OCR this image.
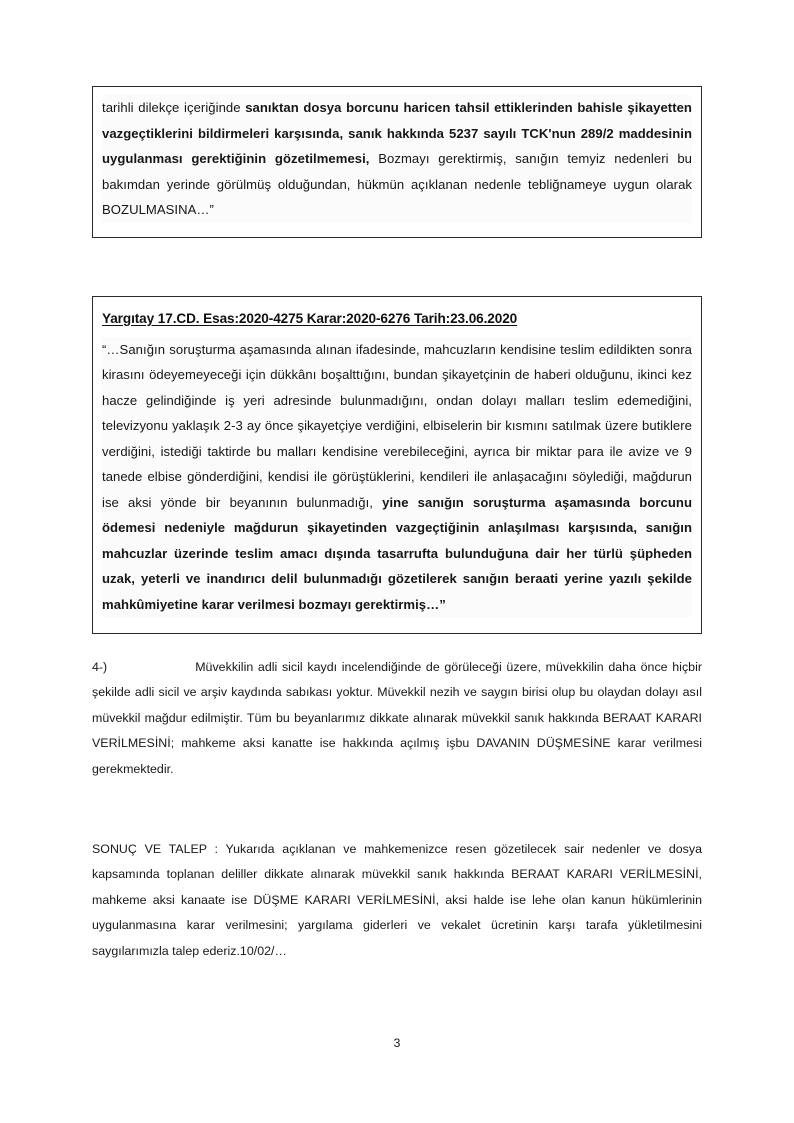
tarihli dilekçe içeriğinde sanıktan dosya borcunu haricen tahsil ettiklerinden bahisle şikayetten vazgeçtiklerini bildirmeleri karşısında, sanık hakkında 5237 sayılı TCK'nun 289/2 maddesinin uygulanması gerektiğinin gözetilmemesi, Bozmayı gerektirmiş, sanığın temyiz nedenleri bu bakımdan yerinde görülmüş olduğundan, hükmün açıklanan nedenle tebliğnameye uygun olarak BOZULMASINA…”

Yargıtay 17.CD. Esas:2020-4275 Karar:2020-6276 Tarih:23.06.2020

“…Sanığın soruşturma aşamasında alınan ifadesinde, mahcuzların kendisine teslim edildikten sonra kirasını ödeyemeyeceği için dükkânı boşalttığını, bundan şikayetçinin de haberi olduğunu, ikinci kez hacze gelindiğinde iş yeri adresinde bulunmadığını, ondan dolayı malları teslim edemediğini, televizyonu yaklaşık 2-3 ay önce şikayetçiye verdiğini, elbiselerin bir kısmını satılmak üzere butiklere verdiğini, istediği taktirde bu malları kendisine verebileceğini, ayrıca bir miktar para ile avize ve 9 tanede elbise gönderdiğini, kendisi ile görüştüklerini, kendileri ile anlaşacağını söylediği, mağdurun ise aksi yönde bir beyanının bulunmadığı, yine sanığın soruşturma aşamasında borcunu ödemesi nedeniyle mağdurun şikayetinden vazgeçtiğinin anlaşılması karşısında, sanığın mahcuzlar üzerinde teslim amacı dışında tasarrufta bulunduğuna dair her türlü şüpheden uzak, yeterli ve inandırıcı delil bulunmadığı gözetilerek sanığın beraati yerine yazılı şekilde mahkûmiyetine karar verilmesi bozmayı gerektirmiş…”

4-)	Müvekkilin adli sicil kaydı incelendiğinde de görüleceği üzere, müvekkilin daha önce hiçbir şekilde adli sicil ve arşiv kaydında sabıkası yoktur. Müvekkil nezih ve saygın birisi olup bu olaydan dolayı asıl müvekkil mağdur edilmiştir. Tüm bu beyanlarımız dikkate alınarak müvekkil sanık hakkında BERAAT KARARI VERİLMESİNİ; mahkeme aksi kanatte ise hakkında açılmış işbu DAVANIN DÜŞMESİNE karar verilmesi gerekmektedir.

SONUÇ VE TALEP : Yukarıda açıklanan ve mahkemenizce resen gözetilecek sair nedenler ve dosya kapsamında toplanan deliller dikkate alınarak müvekkil sanık hakkında BERAAT KARARI VERİLMESİNİ, mahkeme aksi kanaate ise DÜŞME KARARI VERİLMESİNİ, aksi halde ise lehe olan kanun hükümlerinin uygulanmasına karar verilmesini; yargılama giderleri ve vekalet ücretinin karşı tarafa yükletilmesini saygılarımızla talep ederiz.10/02/…

3
